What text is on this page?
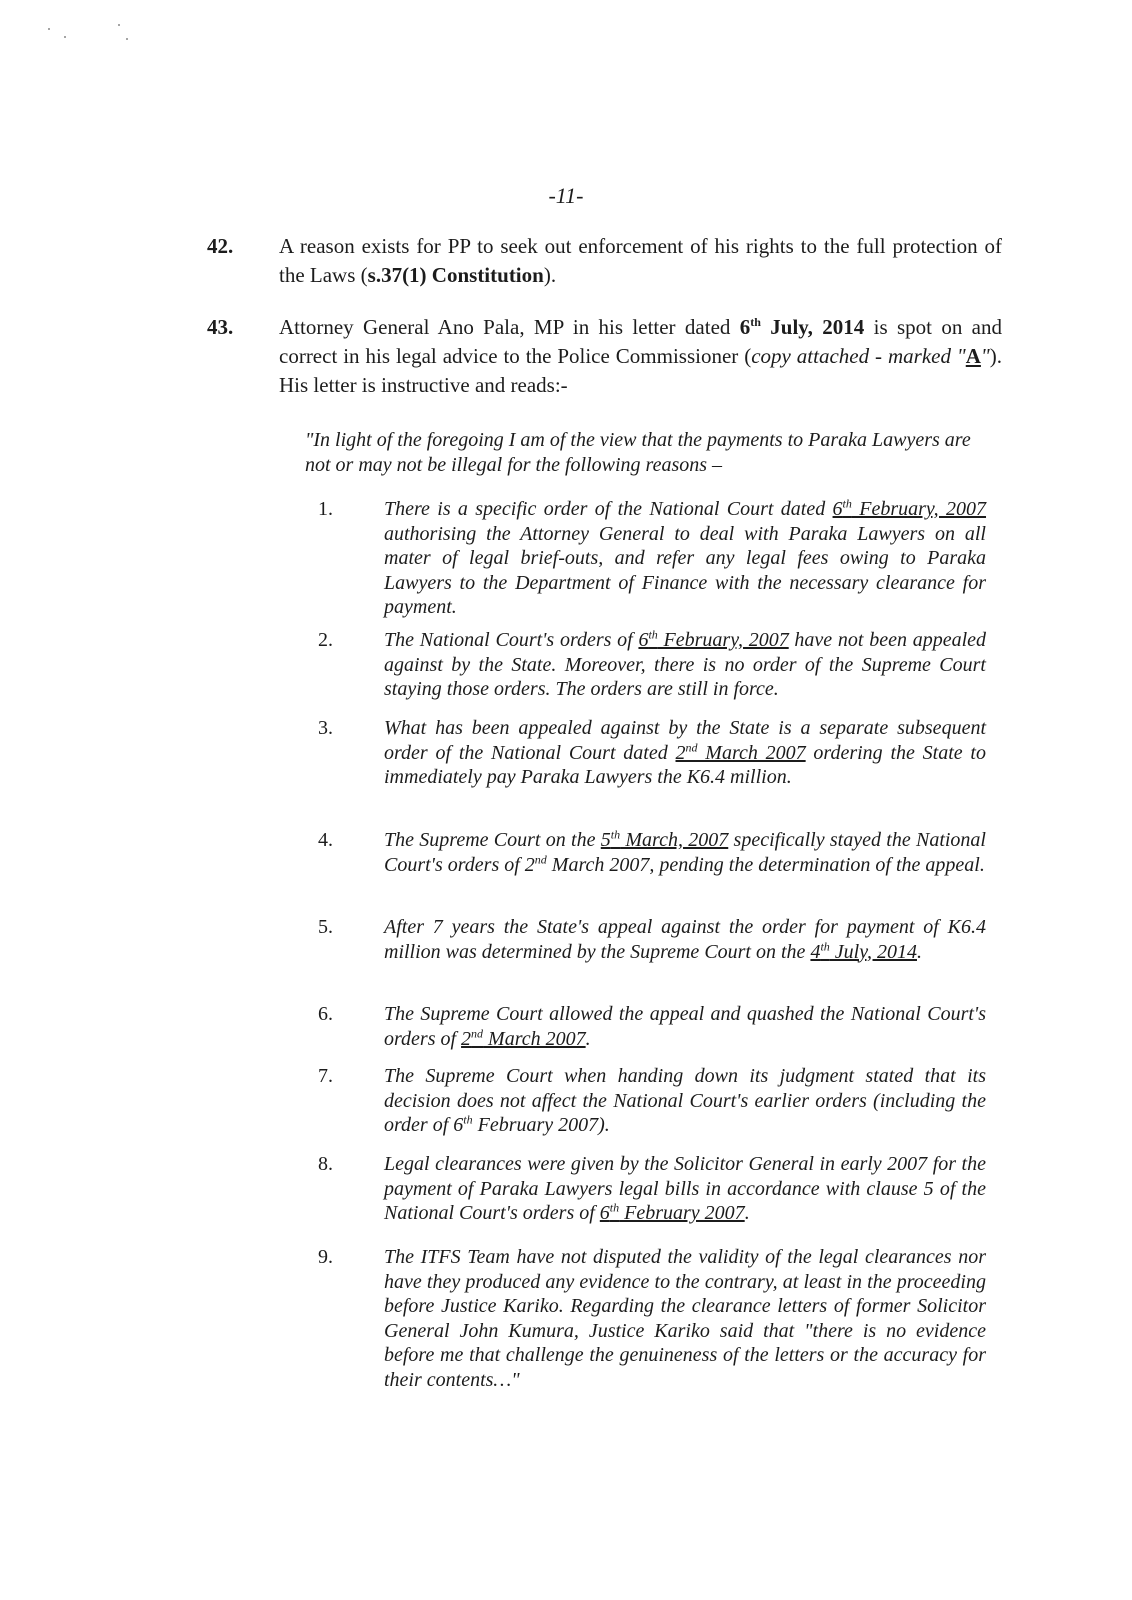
-11-
42. A reason exists for PP to seek out enforcement of his rights to the full protection of the Laws (s.37(1) Constitution).
43. Attorney General Ano Pala, MP in his letter dated 6th July, 2014 is spot on and correct in his legal advice to the Police Commissioner (copy attached - marked "A"). His letter is instructive and reads:-
"In light of the foregoing I am of the view that the payments to Paraka Lawyers are not or may not be illegal for the following reasons –
1.	There is a specific order of the National Court dated 6th February, 2007 authorising the Attorney General to deal with Paraka Lawyers on all mater of legal brief-outs, and refer any legal fees owing to Paraka Lawyers to the Department of Finance with the necessary clearance for payment.
2.	The National Court's orders of 6th February, 2007 have not been appealed against by the State. Moreover, there is no order of the Supreme Court staying those orders. The orders are still in force.
3.	What has been appealed against by the State is a separate subsequent order of the National Court dated 2nd March 2007 ordering the State to immediately pay Paraka Lawyers the K6.4 million.
4.	The Supreme Court on the 5th March, 2007 specifically stayed the National Court's orders of 2nd March 2007, pending the determination of the appeal.
5.	After 7 years the State's appeal against the order for payment of K6.4 million was determined by the Supreme Court on the 4th July, 2014.
6.	The Supreme Court allowed the appeal and quashed the National Court's orders of 2nd March 2007.
7.	The Supreme Court when handing down its judgment stated that its decision does not affect the National Court's earlier orders (including the order of 6th February 2007).
8.	Legal clearances were given by the Solicitor General in early 2007 for the payment of Paraka Lawyers legal bills in accordance with clause 5 of the National Court's orders of 6th February 2007.
9.	The ITFS Team have not disputed the validity of the legal clearances nor have they produced any evidence to the contrary, at least in the proceeding before Justice Kariko. Regarding the clearance letters of former Solicitor General John Kumura, Justice Kariko said that "there is no evidence before me that challenge the genuineness of the letters or the accuracy for their contents…"
